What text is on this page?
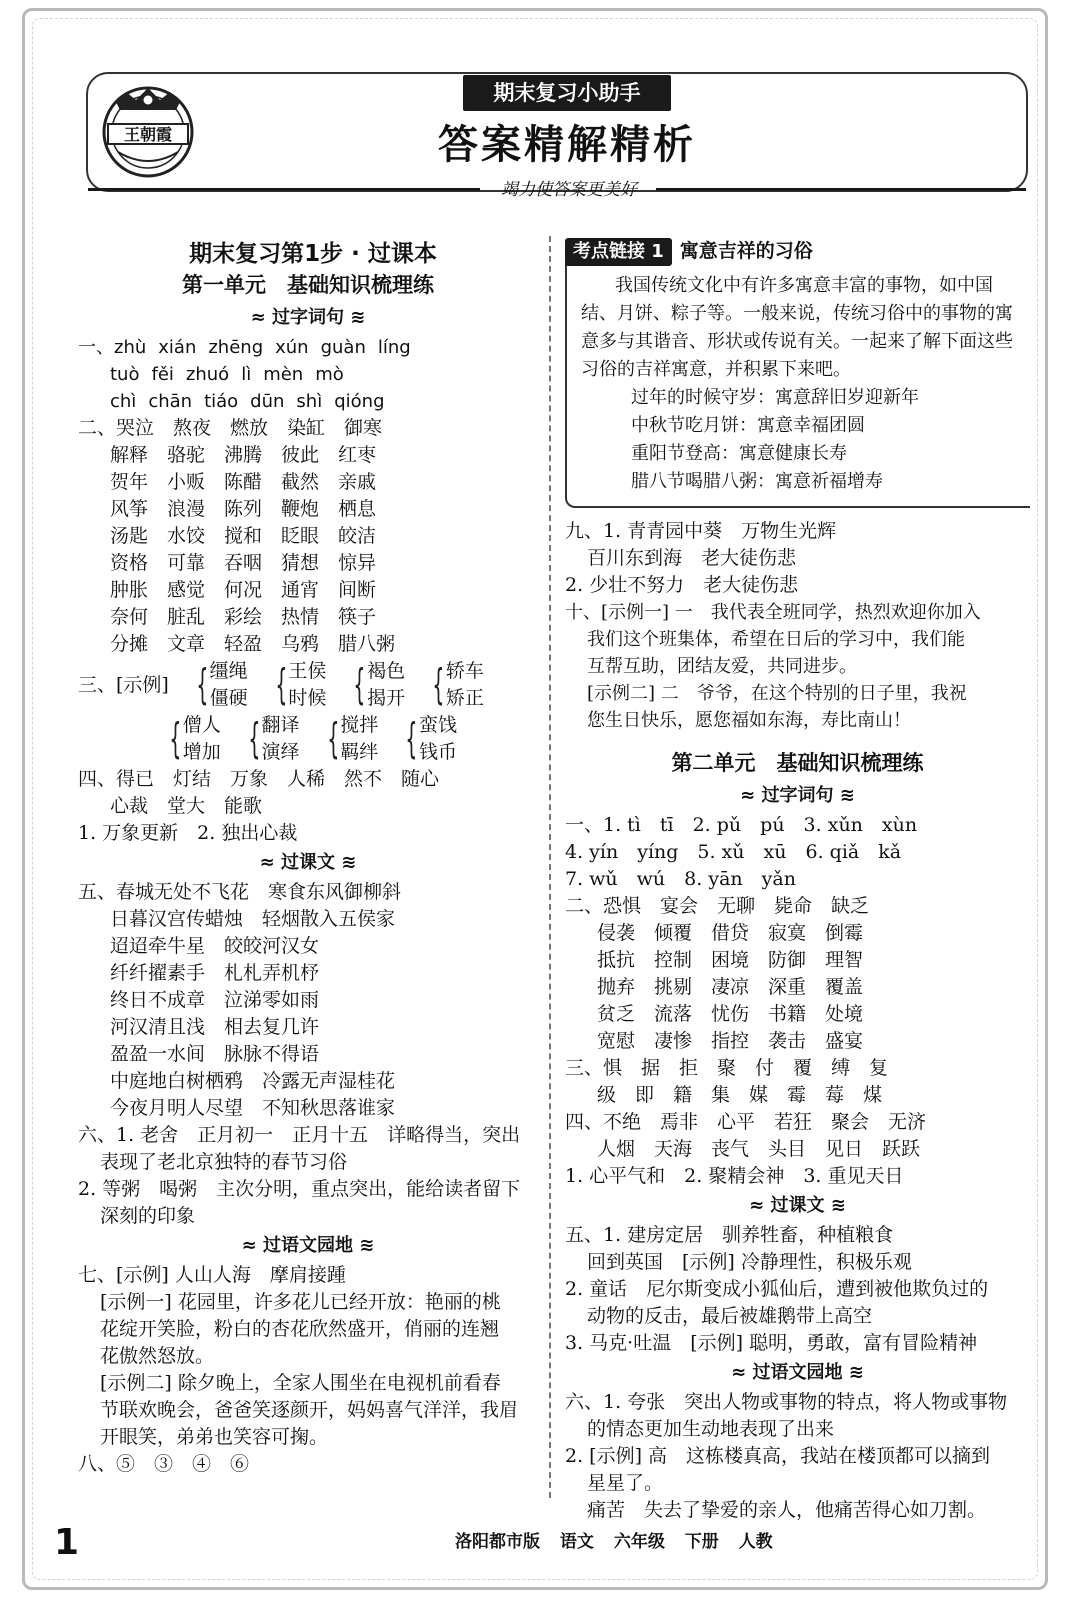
王朝霞
期末复习小助手
答案精解精析
竭力使答案更美好
期末复习第1步 · 过课本
第一单元　基础知识梳理练
≈ 过字词句 ≋
一、zhù xián zhēng xún guàn líng
tuò fěi zhuó lì mèn mò
chì chān tiáo dūn shì qióng
二、哭泣　熬夜　燃放　染缸　御寒
解释　骆驼　沸腾　彼此　红枣
贺年　小贩　陈醋　截然　亲戚
风筝　浪漫　陈列　鞭炮　栖息
汤匙　水饺　搅和　眨眼　皎洁
资格　可靠　吞咽　猜想　惊异
肿胀　感觉　何况　通宵　间断
奈何　脏乱　彩绘　热情　筷子
分摊　文章　轻盈　乌鸦　腊八粥
三、[示例] { 缰绳
僵硬 { 王侯
时候 { 褐色
揭开 { 轿车
矫正
{ 僧人
增加 { 翻译
演绎 { 搅拌
羁绊 { 蛮饯
钱币
四、得已　灯结　万象　人稀　然不　随心
心裁　堂大　能歌
1. 万象更新　2. 独出心裁
≈ 过课文 ≋
五、春城无处不飞花　寒食东风御柳斜
日暮汉宫传蜡烛　轻烟散入五侯家
迢迢牵牛星　皎皎河汉女
纤纤擢素手　札札弄机杼
终日不成章　泣涕零如雨
河汉清且浅　相去复几许
盈盈一水间　脉脉不得语
中庭地白树栖鸦　冷露无声湿桂花
今夜月明人尽望　不知秋思落谁家
六、1. 老舍　正月初一　正月十五　详略得当，突出
表现了老北京独特的春节习俗
2. 等粥　喝粥　主次分明，重点突出，能给读者留下
深刻的印象
≈ 过语文园地 ≋
七、[示例] 人山人海　摩肩接踵
[示例一] 花园里，许多花儿已经开放：艳丽的桃
花绽开笑脸，粉白的杏花欣然盛开，俏丽的连翘
花傲然怒放。
[示例二] 除夕晚上，全家人围坐在电视机前看春
节联欢晚会，爸爸笑逐颜开，妈妈喜气洋洋，我眉
开眼笑，弟弟也笑容可掬。
八、⑤　③　④　⑥
考点链接 1 寓意吉祥的习俗
我国传统文化中有许多寓意丰富的事物，如中国结、月饼、粽子等。一般来说，传统习俗中的事物的寓意多与其谐音、形状或传说有关。一起来了解下面这些习俗的吉祥寓意，并积累下来吧。
过年的时候守岁：寓意辞旧岁迎新年
中秋节吃月饼：寓意幸福团圆
重阳节登高：寓意健康长寿
腊八节喝腊八粥：寓意祈福增寿
九、1. 青青园中葵　万物生光辉
百川东到海　老大徒伤悲
2. 少壮不努力　老大徒伤悲
十、[示例一] 一　我代表全班同学，热烈欢迎你加入
我们这个班集体，希望在日后的学习中，我们能
互帮互助，团结友爱，共同进步。
[示例二] 二　爷爷，在这个特别的日子里，我祝
您生日快乐，愿您福如东海，寿比南山！
第二单元　基础知识梳理练
≈ 过字词句 ≋
一、1. tì　tī　2. pǔ　pú　3. xǔn　xùn
4. yín　yíng　5. xǔ　xū　6. qiǎ　kǎ
7. wǔ　wú　8. yān　yǎn
二、恐惧　宴会　无聊　毙命　缺乏
侵袭　倾覆　借贷　寂寞　倒霉
抵抗　控制　困境　防御　理智
抛弃　挑剔　凄凉　深重　覆盖
贫乏　流落　忧伤　书籍　处境
宽慰　凄惨　指控　袭击　盛宴
三、惧　据　拒　聚　付　覆　缚　复
级　即　籍　集　媒　霉　莓　煤
四、不绝　焉非　心平　若狂　聚会　无济
人烟　天海　丧气　头目　见日　跃跃
1. 心平气和　2. 聚精会神　3. 重见天日
≈ 过课文 ≋
五、1. 建房定居　驯养牲畜，种植粮食
回到英国　[示例] 冷静理性，积极乐观
2. 童话　尼尔斯变成小狐仙后，遭到被他欺负过的
动物的反击，最后被雄鹅带上高空
3. 马克·吐温　[示例] 聪明，勇敢，富有冒险精神
≈ 过语文园地 ≋
六、1. 夸张　突出人物或事物的特点，将人物或事物
的情态更加生动地表现了出来
2. [示例] 高　这栋楼真高，我站在楼顶都可以摘到
星星了。
痛苦　失去了挚爱的亲人，他痛苦得心如刀割。
1	洛阳都市版 语文 六年级 下册 人教
